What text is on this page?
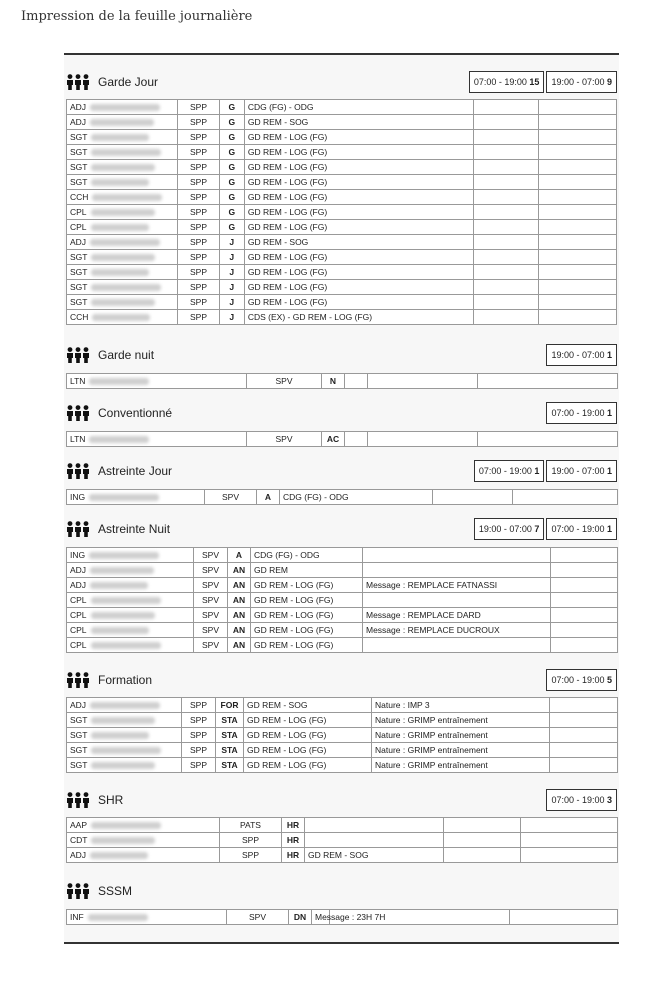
Impression de la feuille journalière
Garde Jour	07:00 - 19:00 15	19:00 - 07:00 9
ADJ	SPP	G	CDG (FG) - ODG		
ADJ	SPP	G	GD REM - SOG		
SGT	SPP	G	GD REM - LOG (FG)		
SGT	SPP	G	GD REM - LOG (FG)		
SGT	SPP	G	GD REM - LOG (FG)		
SGT	SPP	G	GD REM - LOG (FG)		
CCH	SPP	G	GD REM - LOG (FG)		
CPL	SPP	G	GD REM - LOG (FG)		
CPL	SPP	G	GD REM - LOG (FG)		
ADJ	SPP	J	GD REM - SOG		
SGT	SPP	J	GD REM - LOG (FG)		
SGT	SPP	J	GD REM - LOG (FG)		
SGT	SPP	J	GD REM - LOG (FG)		
SGT	SPP	J	GD REM - LOG (FG)		
CCH	SPP	J	CDS (EX) - GD REM - LOG (FG)		
Garde nuit	19:00 - 07:00 1
LTN	SPV	N			
Conventionné	07:00 - 19:00 1
LTN	SPV	AC			
Astreinte Jour	07:00 - 19:00 1	19:00 - 07:00 1
ING	SPV	A	CDG (FG) - ODG		
Astreinte Nuit	19:00 - 07:00 7	07:00 - 19:00 1
ING	SPV	A	CDG (FG) - ODG		
ADJ	SPV	AN	GD REM		
ADJ	SPV	AN	GD REM - LOG (FG)	Message : REMPLACE FATNASSI	
CPL	SPV	AN	GD REM - LOG (FG)		
CPL	SPV	AN	GD REM - LOG (FG)	Message : REMPLACE DARD	
CPL	SPV	AN	GD REM - LOG (FG)	Message : REMPLACE DUCROUX	
CPL	SPV	AN	GD REM - LOG (FG)		
Formation	07:00 - 19:00 5
ADJ	SPP	FOR	GD REM - SOG	Nature : IMP 3	
SGT	SPP	STA	GD REM - LOG (FG)	Nature : GRIMP entraînement	
SGT	SPP	STA	GD REM - LOG (FG)	Nature : GRIMP entraînement	
SGT	SPP	STA	GD REM - LOG (FG)	Nature : GRIMP entraînement	
SGT	SPP	STA	GD REM - LOG (FG)	Nature : GRIMP entraînement	
SHR	07:00 - 19:00 3
AAP	PATS	HR			
CDT	SPP	HR			
ADJ	SPP	HR	GD REM - SOG		
SSSM
INF	SPV	DN	Message : 23H 7H		
